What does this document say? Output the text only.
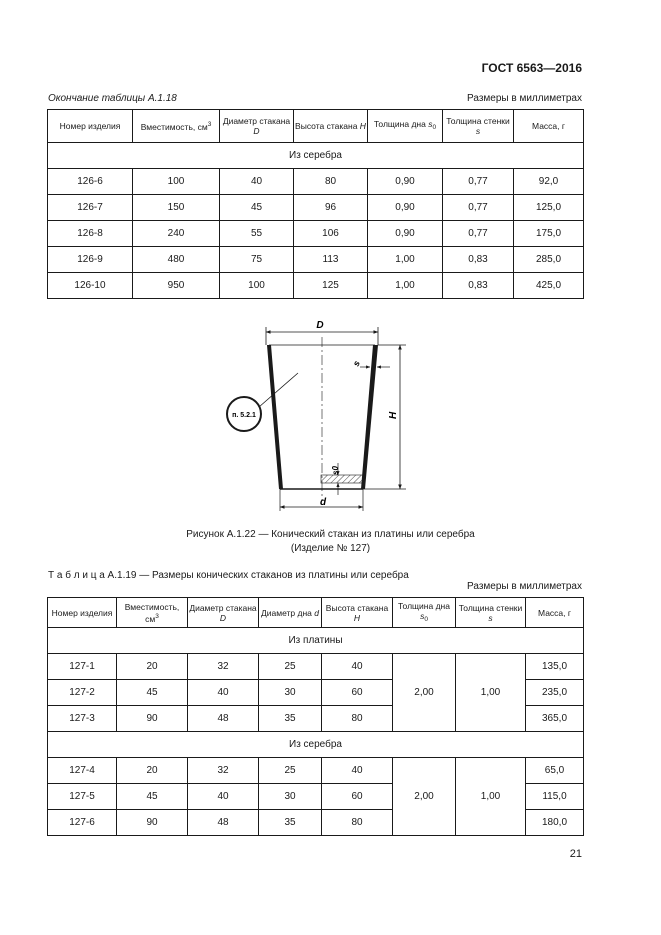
ГОСТ 6563—2016
Окончание таблицы А.1.18	Размеры в миллиметрах
Номер изделия	Вместимость, $см^3$	Диаметр стакана D	Высота стакана H	Толщина дна $s_0$	Толщина стенки s	Масса, г
Из серебра						
126-6	100	40	80	0,90	0,77	92,0
126-7	150	45	96	0,90	0,77	125,0
126-8	240	55	106	0,90	0,77	175,0
126-9	480	75	113	1,00	0,83	285,0
126-10	950	100	125	1,00	0,83	425,0
D
s0
s
H
d
п. 5.2.1
Рисунок А.1.22 — Конический стакан из платины или серебра
(Изделие № 127)
Т а б л и ц а А.1.19 — Размеры конических стаканов из платины или серебра
Размеры в миллиметрах
Номер изделия	Вместимость, $см^3$	Диаметр стакана D	Диаметр дна d	Высота стакана H	Толщина дна $s_0$	Толщина стенки s	Масса, г
Из платины							
127-1	20	32	25	40	2,00	1,00	135,0
127-2	45	40	30	60			235,0
127-3	90	48	35	80			365,0
Из серебра							
127-4	20	32	25	40	2,00	1,00	65,0
127-5	45	40	30	60			115,0
127-6	90	48	35	80			180,0
21
